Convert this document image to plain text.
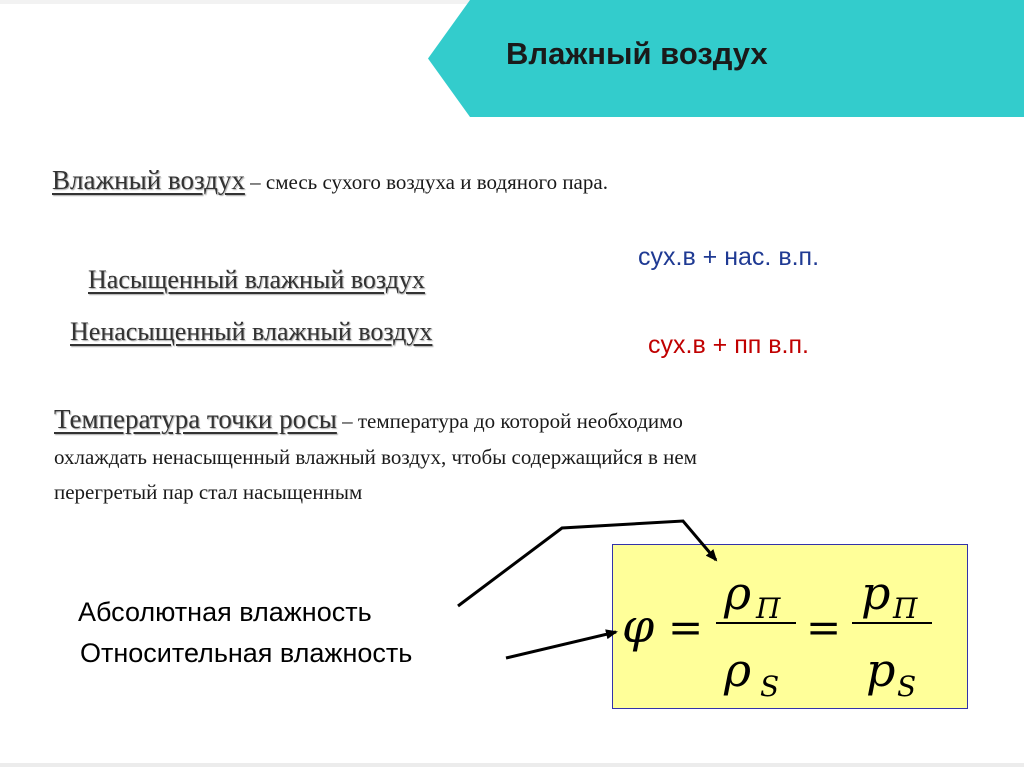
Влажный воздух
Влажный воздух – смесь сухого воздуха и водяного пара.
сух.в + нас. в.п.
Насыщенный влажный воздух
Ненасыщенный влажный воздух	сух.в + пп в.п.
Температура точки росы – температура до которой необходимо
охлаждать ненасыщенный влажный воздух, чтобы содержащийся в нем
перегретый пар стал насыщенным
Абсолютная влажность
Относительная влажность	φ =
ρ П
ρ S
=
p П
p S
